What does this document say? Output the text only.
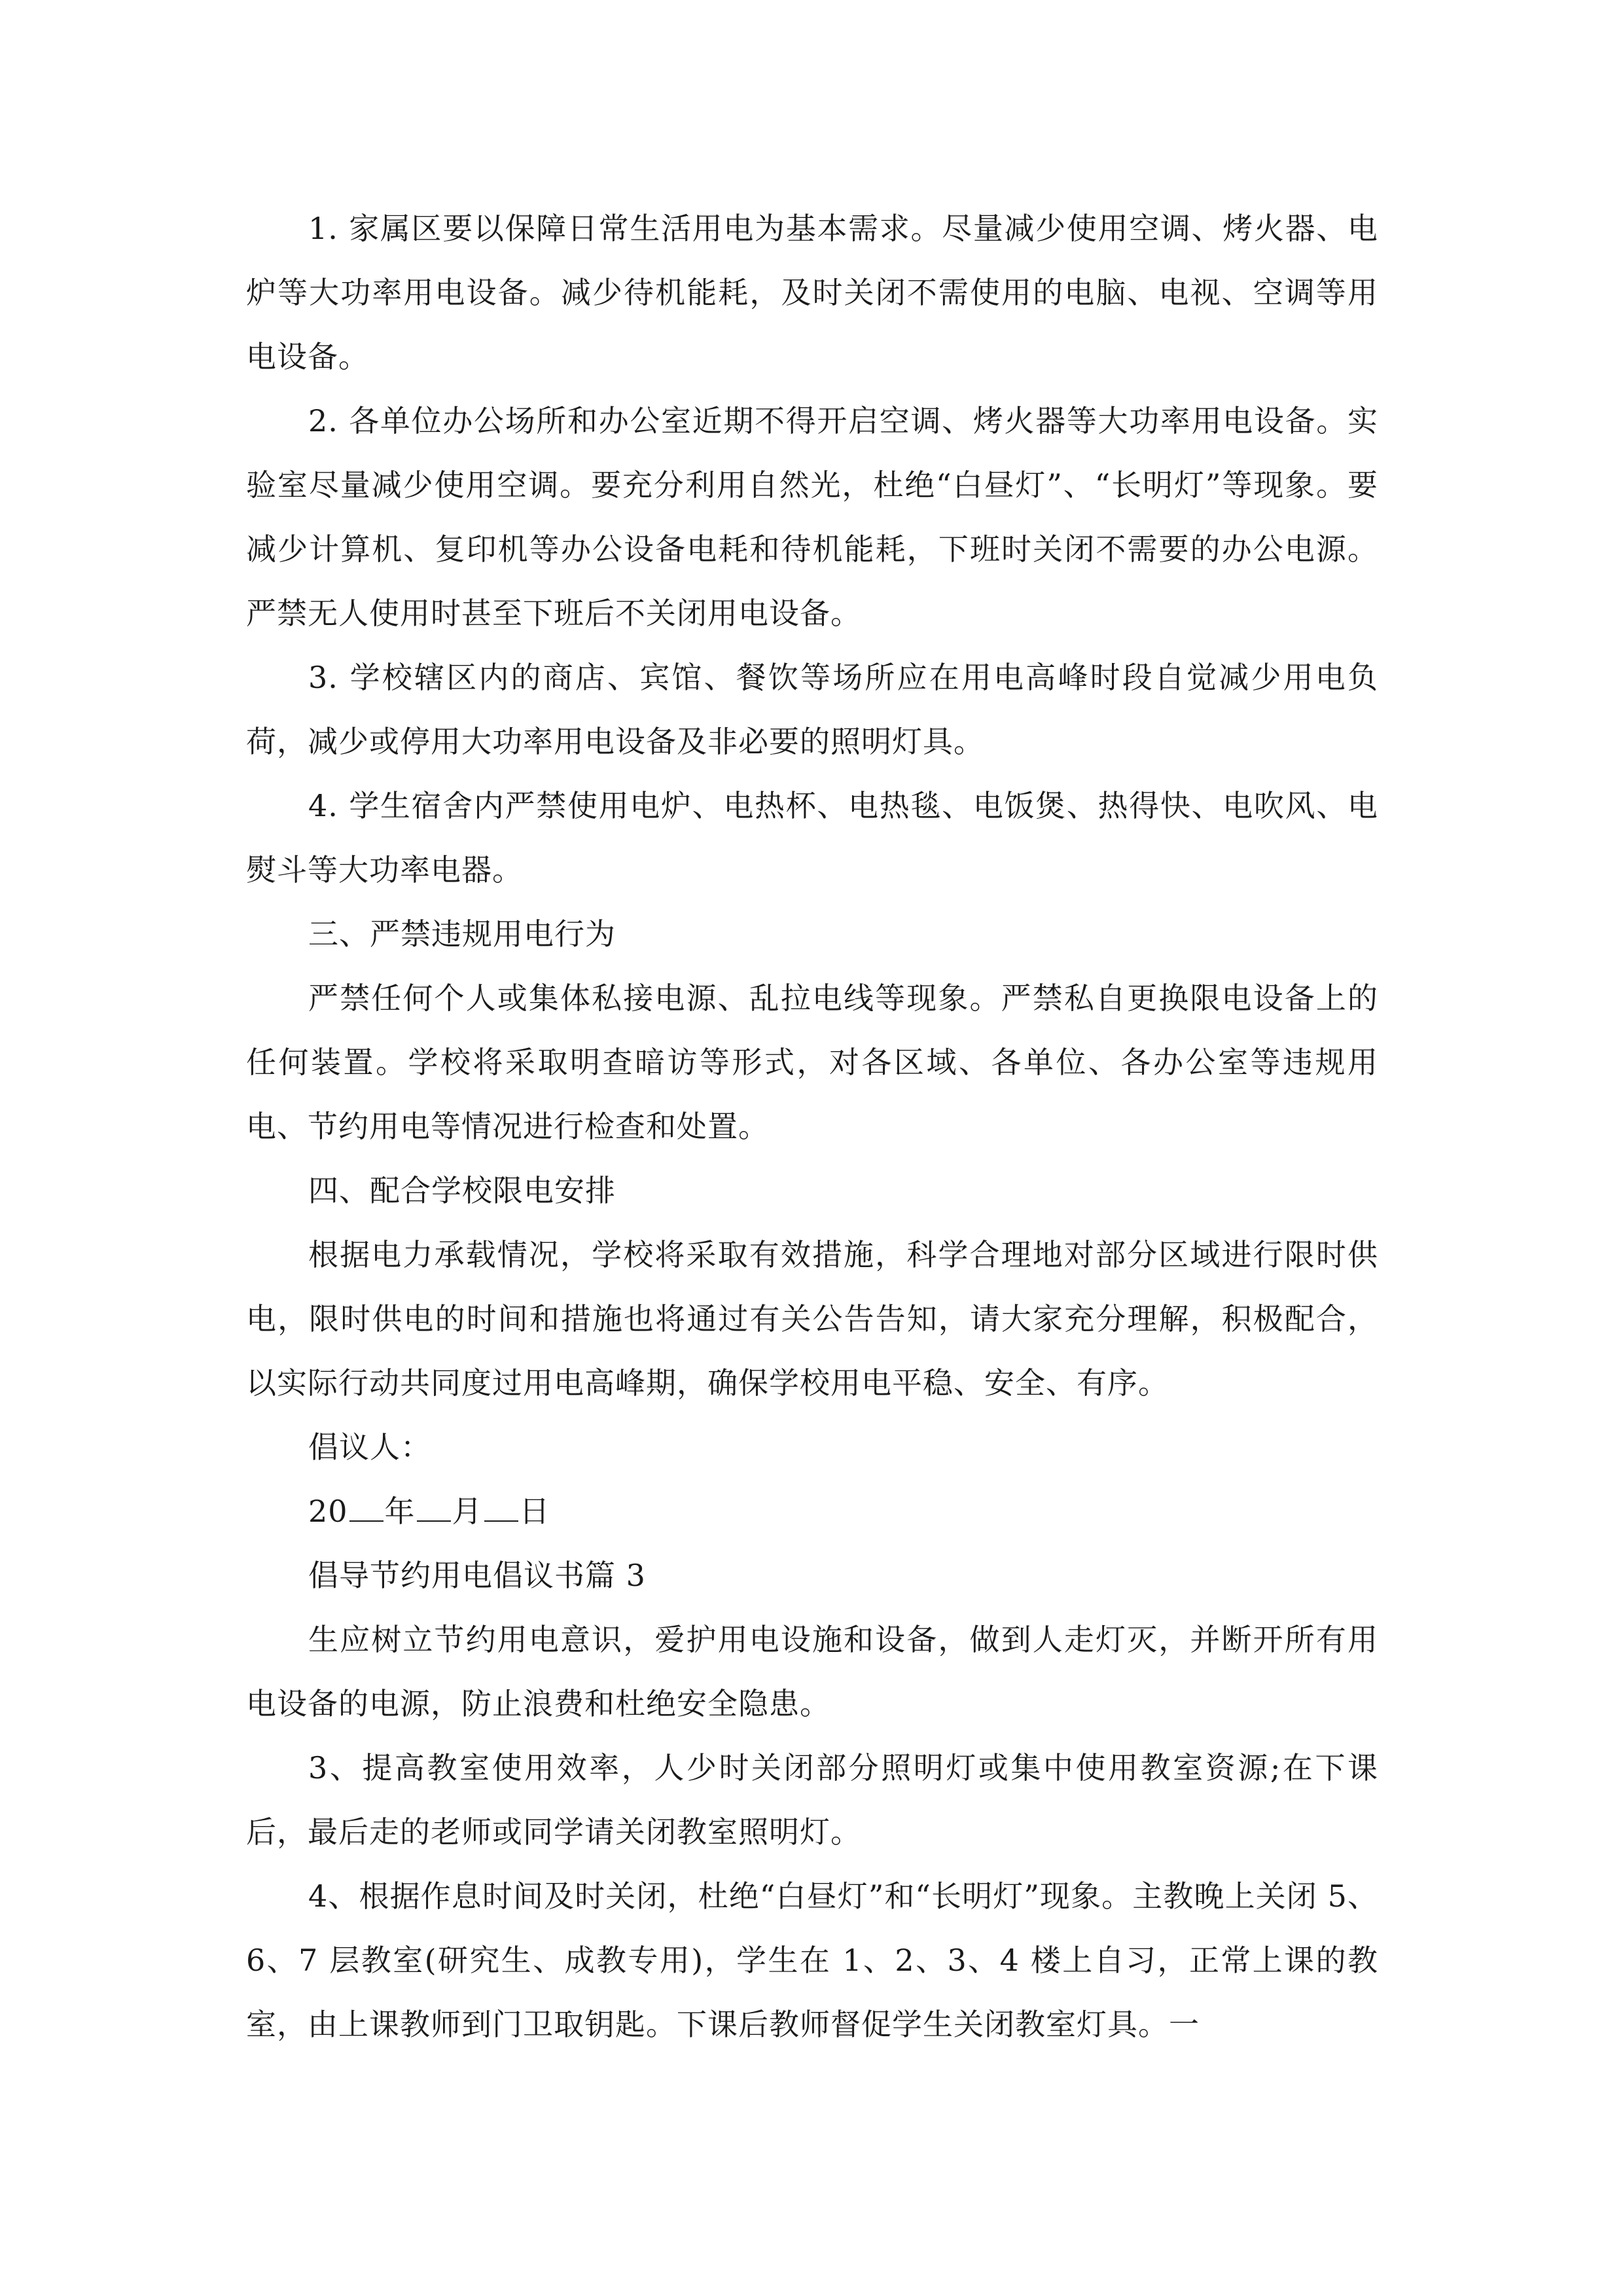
1. 家属区要以保障日常生活用电为基本需求。尽量减少使用空调、烤火器、电炉等大功率用电设备。减少待机能耗，及时关闭不需使用的电脑、电视、空调等用电设备。

2. 各单位办公场所和办公室近期不得开启空调、烤火器等大功率用电设备。实验室尽量减少使用空调。要充分利用自然光，杜绝“白昼灯”、“长明灯”等现象。要减少计算机、复印机等办公设备电耗和待机能耗，下班时关闭不需要的办公电源。严禁无人使用时甚至下班后不关闭用电设备。

3. 学校辖区内的商店、宾馆、餐饮等场所应在用电高峰时段自觉减少用电负荷，减少或停用大功率用电设备及非必要的照明灯具。

4. 学生宿舍内严禁使用电炉、电热杯、电热毯、电饭煲、热得快、电吹风、电熨斗等大功率电器。

三、严禁违规用电行为

严禁任何个人或集体私接电源、乱拉电线等现象。严禁私自更换限电设备上的任何装置。学校将采取明查暗访等形式，对各区域、各单位、各办公室等违规用电、节约用电等情况进行检查和处置。

四、配合学校限电安排

根据电力承载情况，学校将采取有效措施，科学合理地对部分区域进行限时供电，限时供电的时间和措施也将通过有关公告告知，请大家充分理解，积极配合，以实际行动共同度过用电高峰期，确保学校用电平稳、安全、有序。

倡议人：

20 年 月 日

倡导节约用电倡议书篇 3

生应树立节约用电意识，爱护用电设施和设备，做到人走灯灭，并断开所有用电设备的电源，防止浪费和杜绝安全隐患。

3、提高教室使用效率，人少时关闭部分照明灯或集中使用教室资源;在下课后，最后走的老师或同学请关闭教室照明灯。

4、根据作息时间及时关闭，杜绝“白昼灯”和“长明灯”现象。主教晚上关闭 5、6、7 层教室(研究生、成教专用)，学生在 1、2、3、4 楼上自习，正常上课的教室，由上课教师到门卫取钥匙。下课后教师督促学生关闭教室灯具。一
